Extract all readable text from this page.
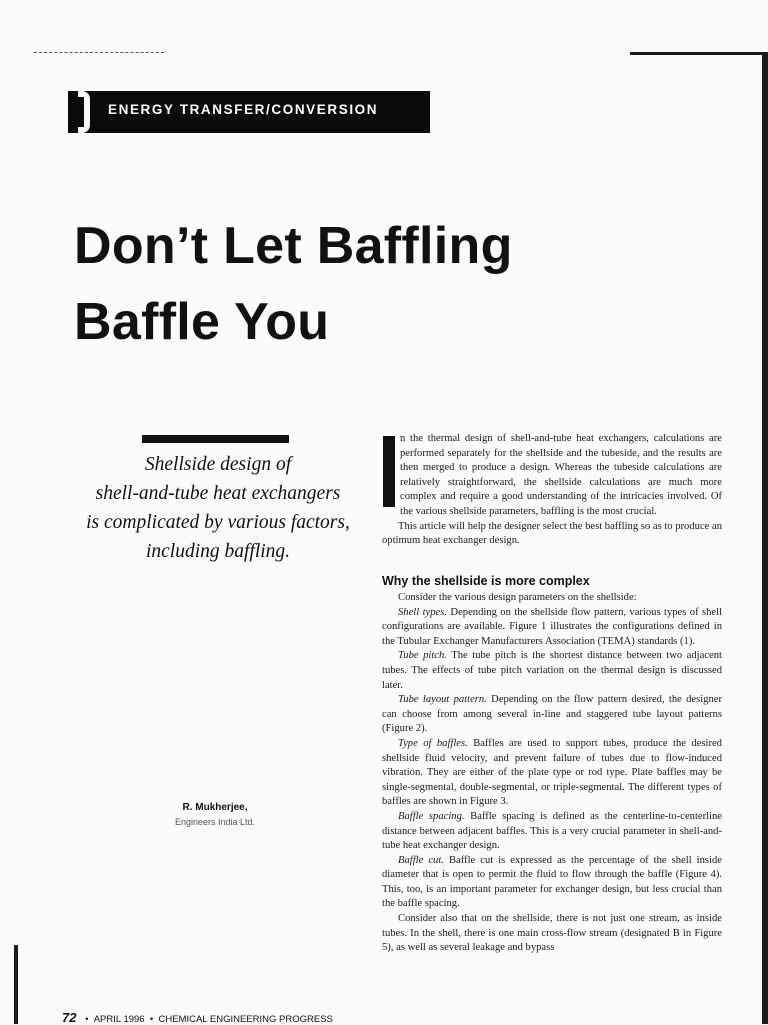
ENERGY TRANSFER/CONVERSION
Don’t Let Baffling
Baffle You
Shellside design of
shell-and-tube heat exchangers
is complicated by various factors,
including baffling.
R. Mukherjee,
Engineers India Ltd.

n the thermal design of shell-and-tube heat exchangers, calculations are performed separately for the shellside and the tubeside, and the results are then merged to produce a design. Whereas the tubeside calculations are relatively straightforward, the shellside calculations are much more complex and require a good understanding of the intricacies involved. Of the various shellside parameters, baffling is the most crucial.

This article will help the designer select the best baffling so as to produce an optimum heat exchanger design.

Why the shellside is more complex

Consider the various design parameters on the shellside:

Shell types. Depending on the shellside flow pattern, various types of shell configurations are available. Figure 1 illustrates the configurations defined in the Tubular Exchanger Manufacturers Association (TEMA) standards (1).

Tube pitch. The tube pitch is the shortest distance between two adjacent tubes. The effects of tube pitch variation on the thermal design is discussed later.

Tube layout pattern. Depending on the flow pattern desired, the designer can choose from among several in-line and staggered tube layout patterns (Figure 2).

Type of baffles. Baffles are used to support tubes, produce the desired shellside fluid velocity, and prevent failure of tubes due to flow-induced vibration. They are either of the plate type or rod type. Plate baffles may be single-segmental, double-segmental, or triple-segmental. The different types of baffles are shown in Figure 3.

Baffle spacing. Baffle spacing is defined as the centerline-to-centerline distance between adjacent baffles. This is a very crucial parameter in shell-and-tube heat exchanger design.

Baffle cut. Baffle cut is expressed as the percentage of the shell inside diameter that is open to permit the fluid to flow through the baffle (Figure 4). This, too, is an important parameter for exchanger design, but less crucial than the baffle spacing.

Consider also that on the shellside, there is not just one stream, as inside tubes. In the shell, there is one main cross-flow stream (designated B in Figure 5), as well as several leakage and bypass

72 • APRIL 1996 • CHEMICAL ENGINEERING PROGRESS
